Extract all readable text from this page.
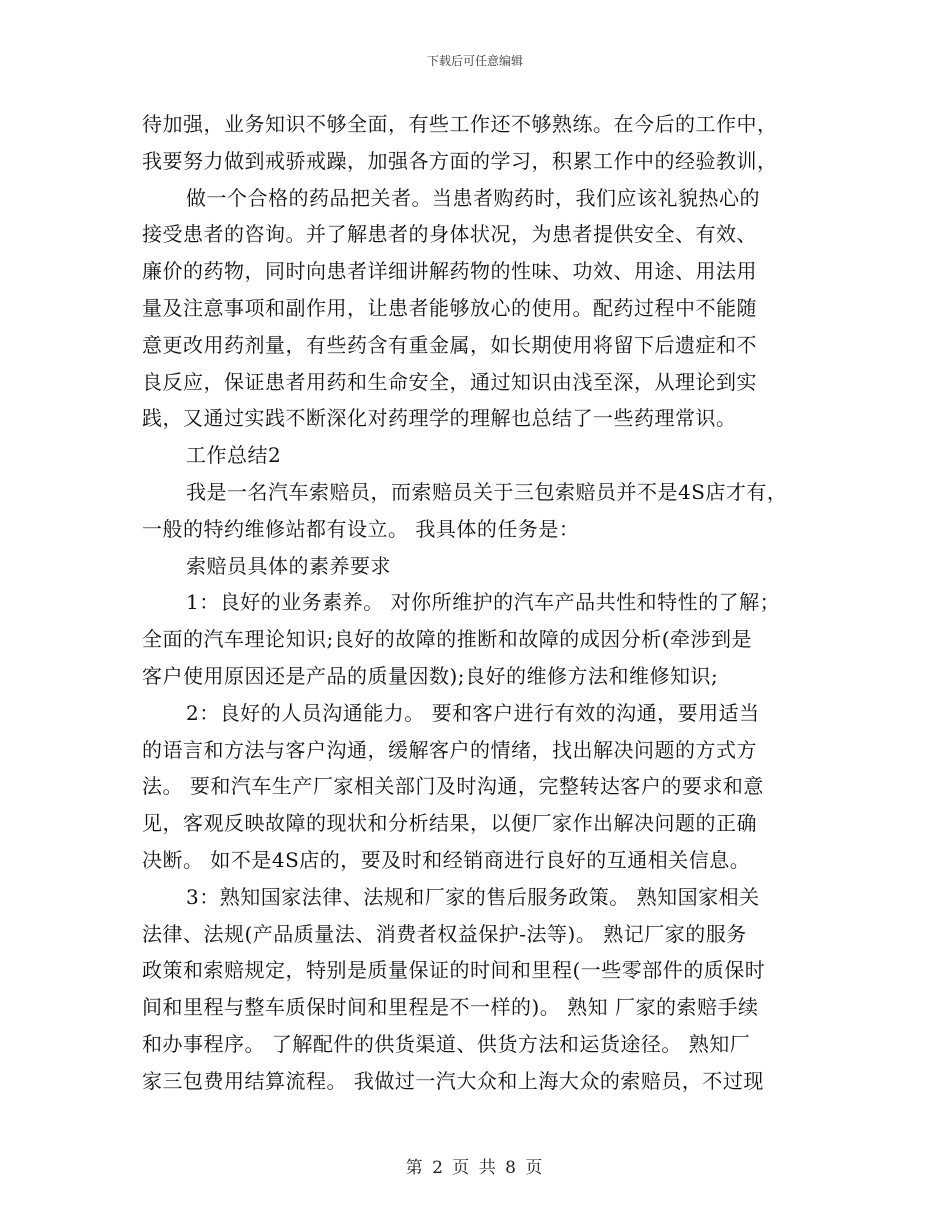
下载后可任意编辑
待加强，业务知识不够全面，有些工作还不够熟练。在今后的工作中，
我要努力做到戒骄戒躁，加强各方面的学习，积累工作中的经验教训，
做一个合格的药品把关者。当患者购药时，我们应该礼貌热心的
接受患者的咨询。并了解患者的身体状况，为患者提供安全、有效、
廉价的药物，同时向患者详细讲解药物的性味、功效、用途、用法用
量及注意事项和副作用，让患者能够放心的使用。配药过程中不能随
意更改用药剂量，有些药含有重金属，如长期使用将留下后遗症和不
良反应，保证患者用药和生命安全，通过知识由浅至深，从理论到实
践，又通过实践不断深化对药理学的理解也总结了一些药理常识。
工作总结2
我是一名汽车索赔员，而索赔员关于三包索赔员并不是4S店才有，
一般的特约维修站都有设立。 我具体的任务是：
索赔员具体的素养要求
1：良好的业务素养。 对你所维护的汽车产品共性和特性的了解；
全面的汽车理论知识;良好的故障的推断和故障的成因分析(牵涉到是
客户使用原因还是产品的质量因数);良好的维修方法和维修知识;
2：良好的人员沟通能力。 要和客户进行有效的沟通，要用适当
的语言和方法与客户沟通，缓解客户的情绪，找出解决问题的方式方
法。 要和汽车生产厂家相关部门及时沟通，完整转达客户的要求和意
见，客观反映故障的现状和分析结果，以便厂家作出解决问题的正确
决断。 如不是4S店的，要及时和经销商进行良好的互通相关信息。
3：熟知国家法律、法规和厂家的售后服务政策。 熟知国家相关
法律、法规(产品质量法、消费者权益保护-法等)。 熟记厂家的服务
政策和索赔规定，特别是质量保证的时间和里程(一些零部件的质保时
间和里程与整车质保时间和里程是不一样的)。 熟知 厂家的索赔手续
和办事程序。 了解配件的供货渠道、供货方法和运货途径。 熟知厂
家三包费用结算流程。 我做过一汽大众和上海大众的索赔员，不过现
第 2 页 共 8 页
